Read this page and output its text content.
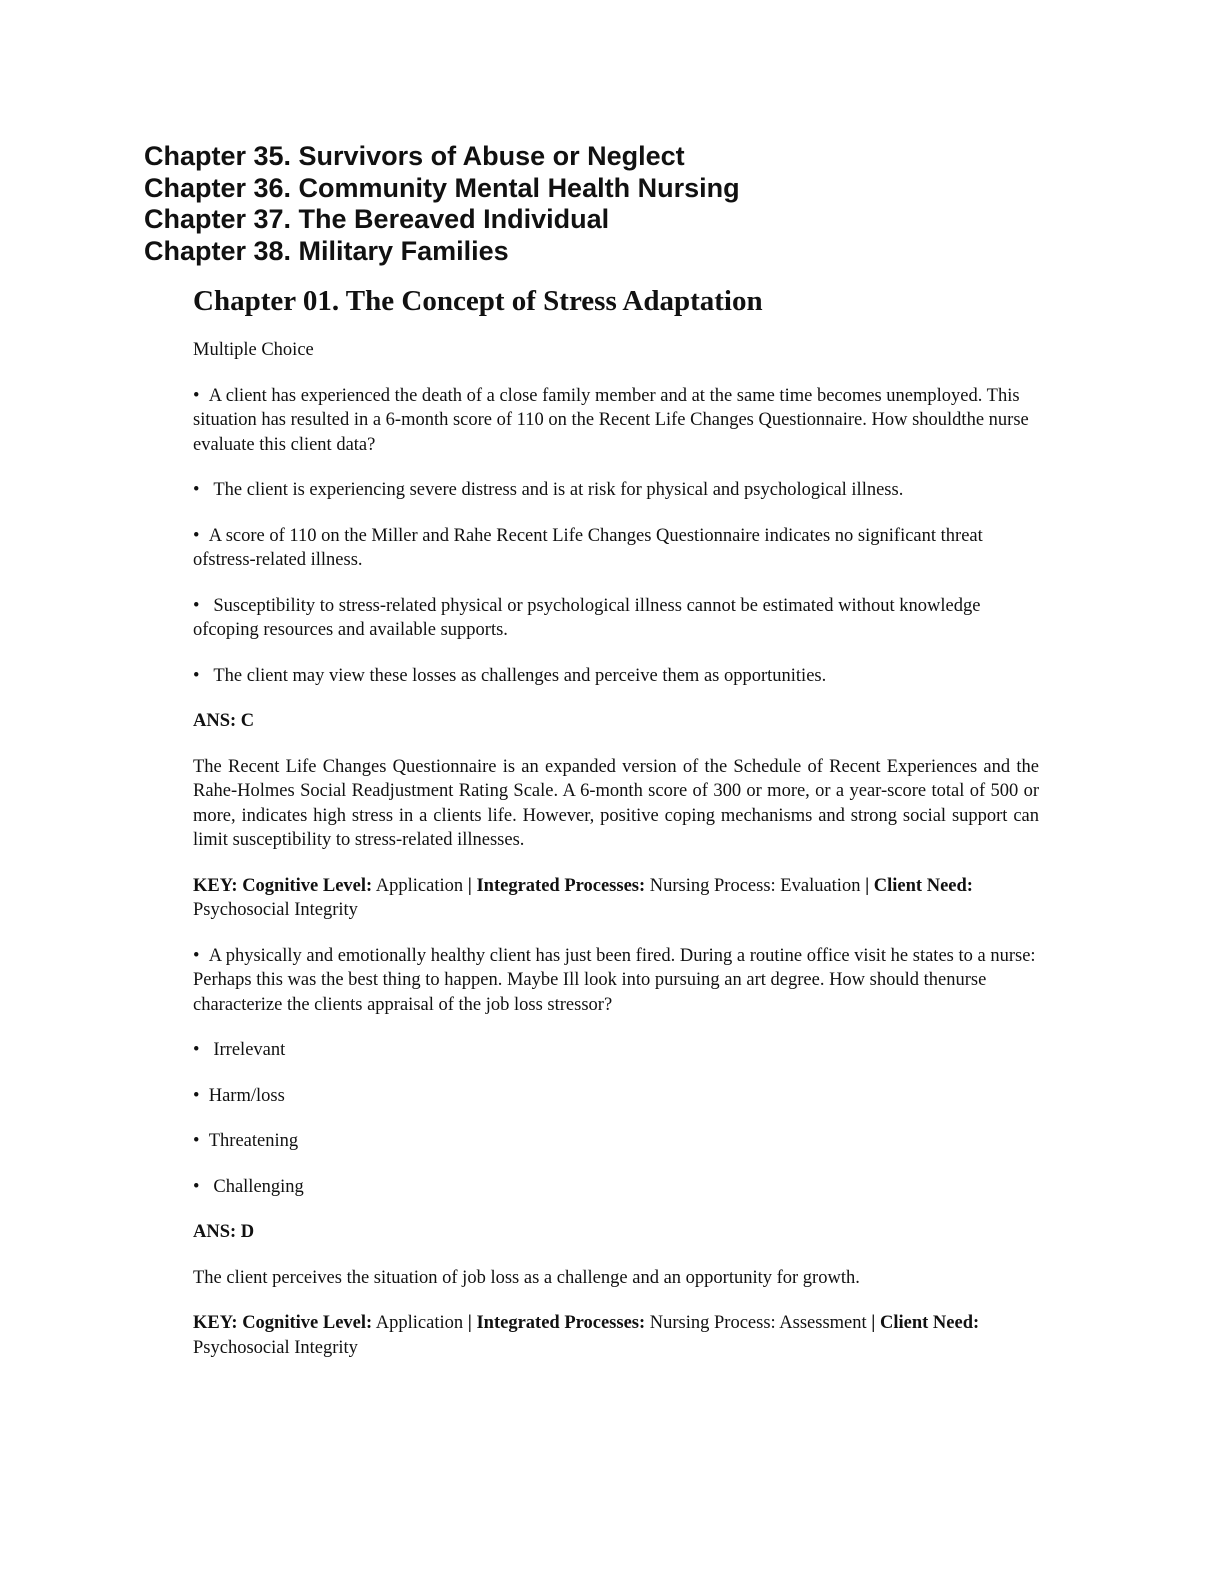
Chapter 35. Survivors of Abuse or Neglect
Chapter 36. Community Mental Health Nursing
Chapter 37. The Bereaved Individual
Chapter 38. Military Families
Chapter 01. The Concept of Stress Adaptation
Multiple Choice
•  A client has experienced the death of a close family member and at the same time becomes unemployed. This situation has resulted in a 6-month score of 110 on the Recent Life Changes Questionnaire. How shouldthe nurse evaluate this client data?
•   The client is experiencing severe distress and is at risk for physical and psychological illness.
•  A score of 110 on the Miller and Rahe Recent Life Changes Questionnaire indicates no significant threat ofstress-related illness.
•   Susceptibility to stress-related physical or psychological illness cannot be estimated without knowledge ofcoping resources and available supports.
•   The client may view these losses as challenges and perceive them as opportunities.
ANS: C
The Recent Life Changes Questionnaire is an expanded version of the Schedule of Recent Experiences and the Rahe-Holmes Social Readjustment Rating Scale. A 6-month score of 300 or more, or a year-score total of 500 or more, indicates high stress in a clients life. However, positive coping mechanisms and strong social support can limit susceptibility to stress-related illnesses.
KEY: Cognitive Level: Application | Integrated Processes: Nursing Process: Evaluation | Client Need:
Psychosocial Integrity
•  A physically and emotionally healthy client has just been fired. During a routine office visit he states to a nurse: Perhaps this was the best thing to happen. Maybe Ill look into pursuing an art degree. How should thenurse characterize the clients appraisal of the job loss stressor?
•   Irrelevant
•  Harm/loss
•  Threatening
•   Challenging
ANS: D
The client perceives the situation of job loss as a challenge and an opportunity for growth.
KEY: Cognitive Level: Application | Integrated Processes: Nursing Process: Assessment | Client Need:
Psychosocial Integrity
